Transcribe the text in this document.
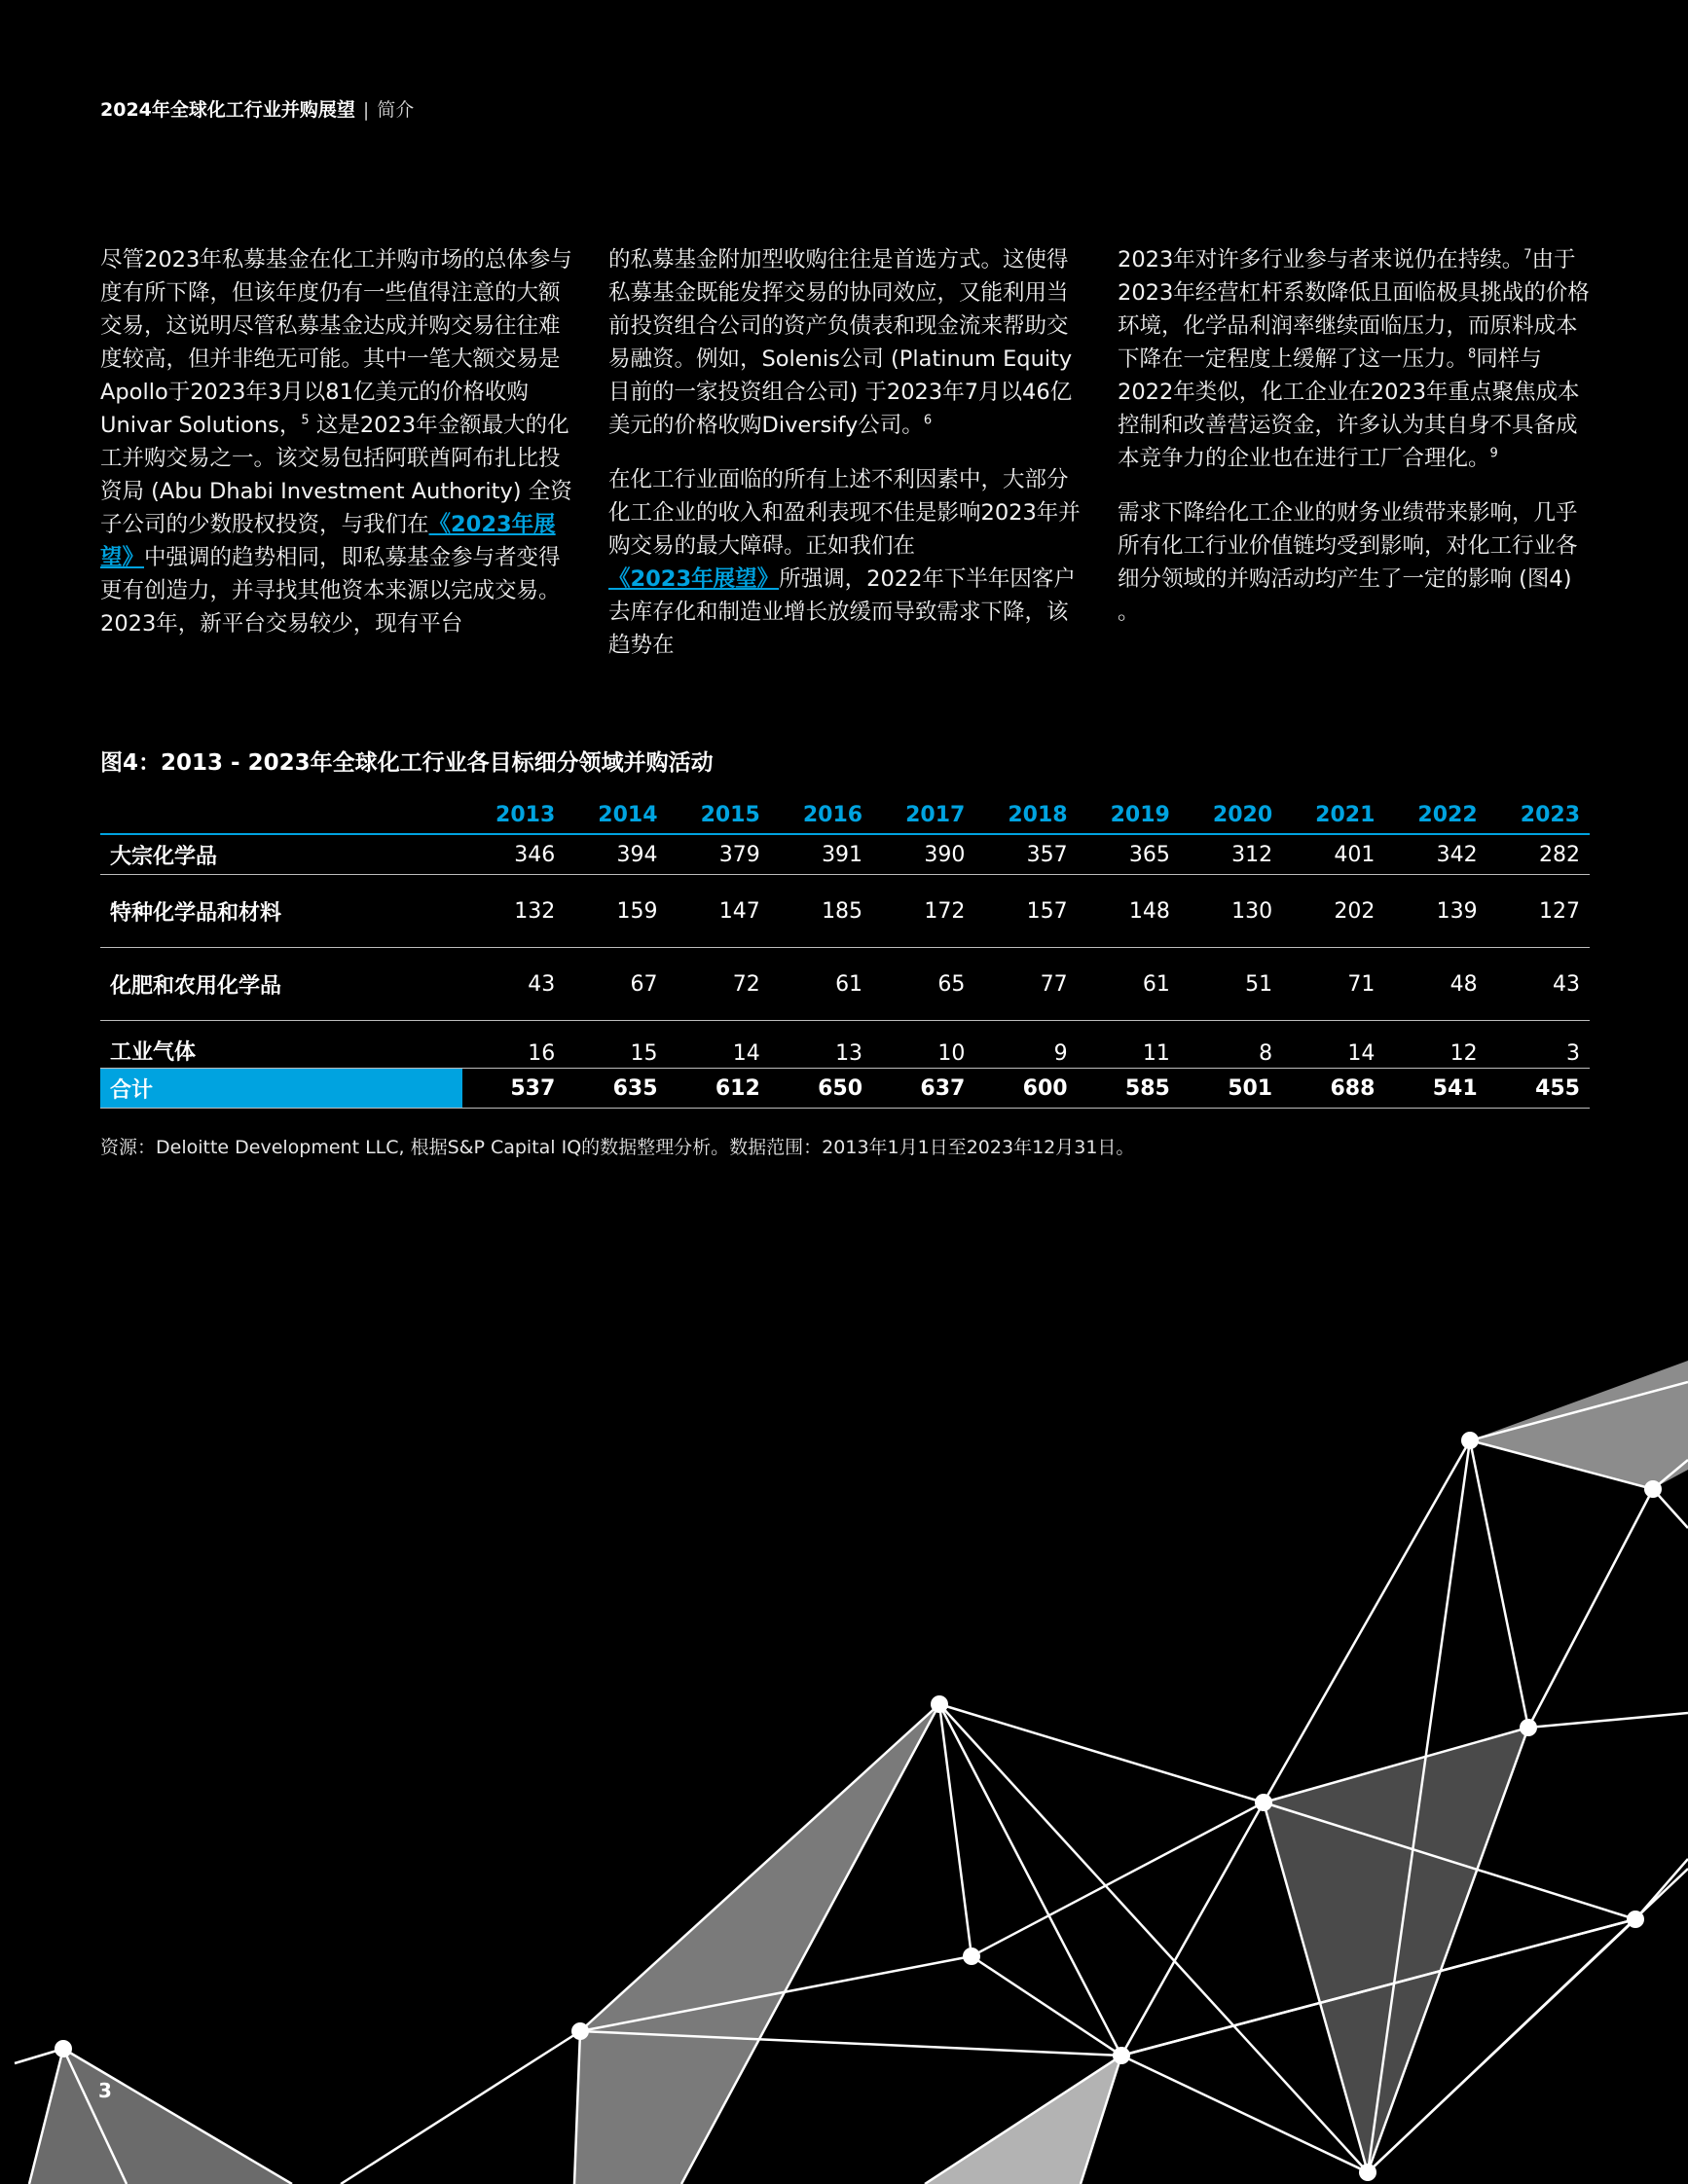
2024年全球化工行业并购展望 | 简介

尽管2023年私募基金在化工并购市场的总体参与度有所下降，但该年度仍有一些值得注意的大额交易，这说明尽管私募基金达成并购交易往往难度较高，但并非绝无可能。其中一笔大额交易是Apollo于2023年3月以81亿美元的价格收购Univar Solutions，$^5$ 这是2023年金额最大的化工并购交易之一。该交易包括阿联酋阿布扎比投资局 (Abu Dhabi Investment Authority) 全资子公司的少数股权投资，与我们在《2023年展望》中强调的趋势相同，即私募基金参与者变得更有创造力，并寻找其他资本来源以完成交易。2023年，新平台交易较少，现有平台

的私募基金附加型收购往往是首选方式。这使得私募基金既能发挥交易的协同效应，又能利用当前投资组合公司的资产负债表和现金流来帮助交易融资。例如，Solenis公司 (Platinum Equity目前的一家投资组合公司) 于2023年7月以46亿美元的价格收购Diversify公司。$^6$

在化工行业面临的所有上述不利因素中，大部分化工企业的收入和盈利表现不佳是影响2023年并购交易的最大障碍。正如我们在《2023年展望》所强调，2022年下半年因客户去库存化和制造业增长放缓而导致需求下降，该趋势在

2023年对许多行业参与者来说仍在持续。$^7$由于2023年经营杠杆系数降低且面临极具挑战的价格环境，化学品利润率继续面临压力，而原料成本下降在一定程度上缓解了这一压力。$^8$同样与2022年类似，化工企业在2023年重点聚焦成本控制和改善营运资金，许多认为其自身不具备成本竞争力的企业也在进行工厂合理化。$^9$

需求下降给化工企业的财务业绩带来影响，几乎所有化工行业价值链均受到影响，对化工行业各细分领域的并购活动均产生了一定的影响 (图4) 。

图4：2013 - 2023年全球化工行业各目标细分领域并购活动
	2013	2014	2015	2016	2017	2018	2019	2020	2021	2022	2023
大宗化学品	346	394	379	391	390	357	365	312	401	342	282
特种化学品和材料	132	159	147	185	172	157	148	130	202	139	127
化肥和农用化学品	43	67	72	61	65	77	61	51	71	48	43
工业气体	16	15	14	13	10	9	11	8	14	12	3
合计	537	635	612	650	637	600	585	501	688	541	455
资源：Deloitte Development LLC, 根据S&P Capital IQ的数据整理分析。数据范围：2013年1月1日至2023年12月31日。
3
